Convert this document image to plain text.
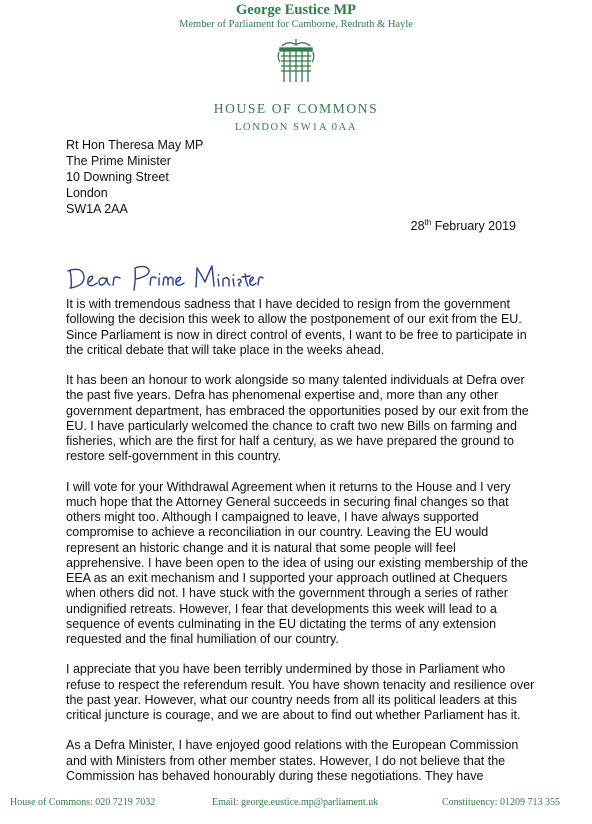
George Eustice MP
Member of Parliament for Camborne, Redruth & Hayle
HOUSE OF COMMONS
LONDON SW1A 0AA
Rt Hon Theresa May MP
The Prime Minister
10 Downing Street
London
SW1A 2AA
28th February 2019

It is with tremendous sadness that I have decided to resign from the government following the decision this week to allow the postponement of our exit from the EU. Since Parliament is now in direct control of events, I want to be free to participate in the critical debate that will take place in the weeks ahead.

It has been an honour to work alongside so many talented individuals at Defra over the past five years. Defra has phenomenal expertise and, more than any other government department, has embraced the opportunities posed by our exit from the EU. I have particularly welcomed the chance to craft two new Bills on farming and fisheries, which are the first for half a century, as we have prepared the ground to restore self-government in this country.

I will vote for your Withdrawal Agreement when it returns to the House and I very much hope that the Attorney General succeeds in securing final changes so that others might too. Although I campaigned to leave, I have always supported compromise to achieve a reconciliation in our country. Leaving the EU would represent an historic change and it is natural that some people will feel apprehensive. I have been open to the idea of using our existing membership of the EEA as an exit mechanism and I supported your approach outlined at Chequers when others did not. I have stuck with the government through a series of rather undignified retreats. However, I fear that developments this week will lead to a sequence of events culminating in the EU dictating the terms of any extension requested and the final humiliation of our country.

I appreciate that you have been terribly undermined by those in Parliament who refuse to respect the referendum result. You have shown tenacity and resilience over the past year. However, what our country needs from all its political leaders at this critical juncture is courage, and we are about to find out whether Parliament has it.

As a Defra Minister, I have enjoyed good relations with the European Commission and with Ministers from other member states. However, I do not believe that the Commission has behaved honourably during these negotiations. They have

House of Commons: 020 7219 7032	Email: george.eustice.mp@parliament.uk	Constituency: 01209 713 355
